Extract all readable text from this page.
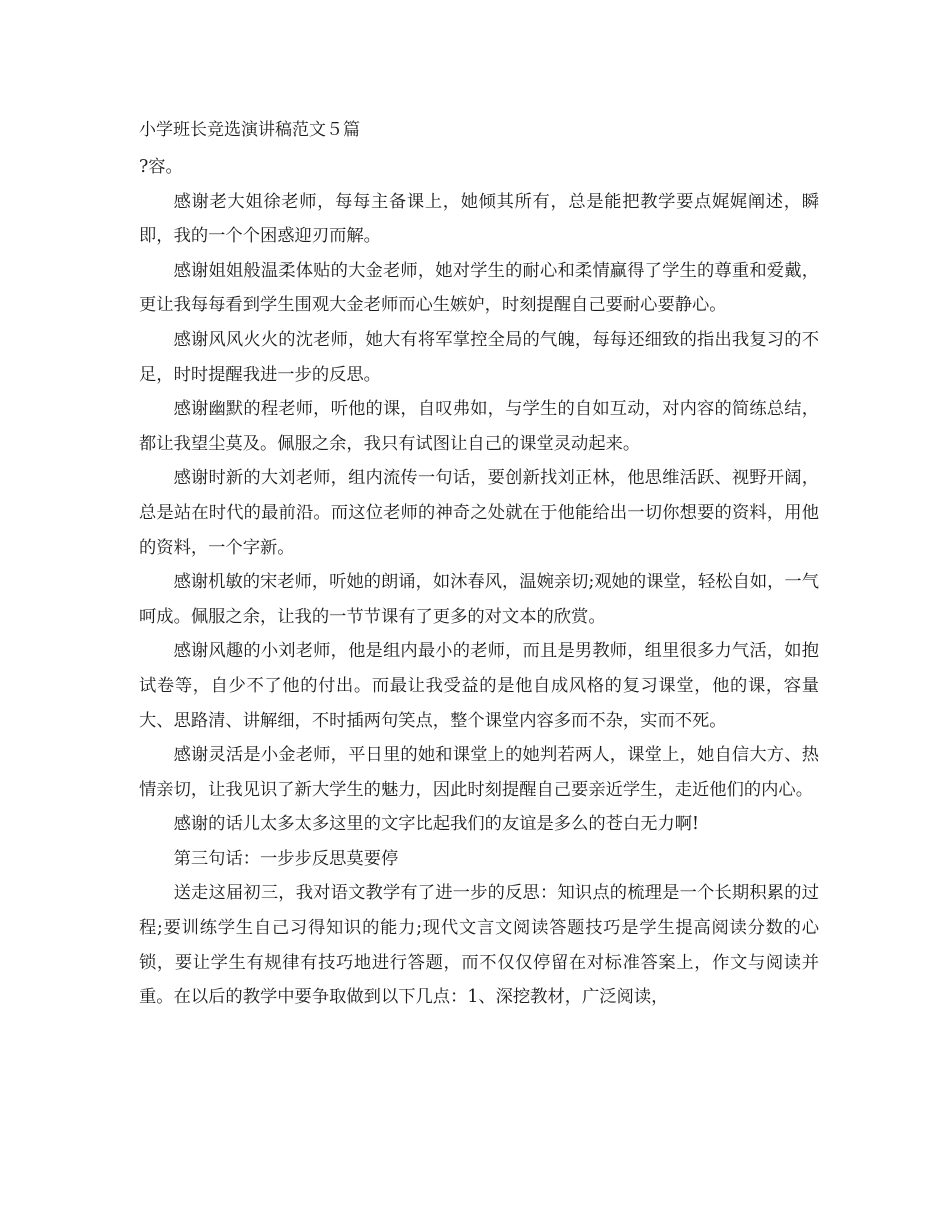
小学班长竞选演讲稿范文５篇

?容。

感谢老大姐徐老师，每每主备课上，她倾其所有，总是能把教学要点娓娓阐述，瞬即，我的一个个困惑迎刃而解。

感谢姐姐般温柔体贴的大金老师，她对学生的耐心和柔情赢得了学生的尊重和爱戴，更让我每每看到学生围观大金老师而心生嫉妒，时刻提醒自己要耐心要静心。

感谢风风火火的沈老师，她大有将军掌控全局的气魄，每每还细致的指出我复习的不足，时时提醒我进一步的反思。

感谢幽默的程老师，听他的课，自叹弗如，与学生的自如互动，对内容的简练总结，都让我望尘莫及。佩服之余，我只有试图让自己的课堂灵动起来。

感谢时新的大刘老师，组内流传一句话，要创新找刘正林，他思维活跃、视野开阔，总是站在时代的最前沿。而这位老师的神奇之处就在于他能给出一切你想要的资料，用他的资料，一个字新。

感谢机敏的宋老师，听她的朗诵，如沐春风，温婉亲切;观她的课堂，轻松自如，一气呵成。佩服之余，让我的一节节课有了更多的对文本的欣赏。

感谢风趣的小刘老师，他是组内最小的老师，而且是男教师，组里很多力气活，如抱试卷等，自少不了他的付出。而最让我受益的是他自成风格的复习课堂，他的课，容量大、思路清、讲解细，不时插两句笑点，整个课堂内容多而不杂，实而不死。

感谢灵活是小金老师，平日里的她和课堂上的她判若两人，课堂上，她自信大方、热情亲切，让我见识了新大学生的魅力，因此时刻提醒自己要亲近学生，走近他们的内心。

感谢的话儿太多太多这里的文字比起我们的友谊是多么的苍白无力啊!

第三句话：一步步反思莫要停

送走这届初三，我对语文教学有了进一步的反思：知识点的梳理是一个长期积累的过程;要训练学生自己习得知识的能力;现代文言文阅读答题技巧是学生提高阅读分数的心锁，要让学生有规律有技巧地进行答题，而不仅仅停留在对标准答案上，作文与阅读并重。在以后的教学中要争取做到以下几点：1、深挖教材，广泛阅读，
